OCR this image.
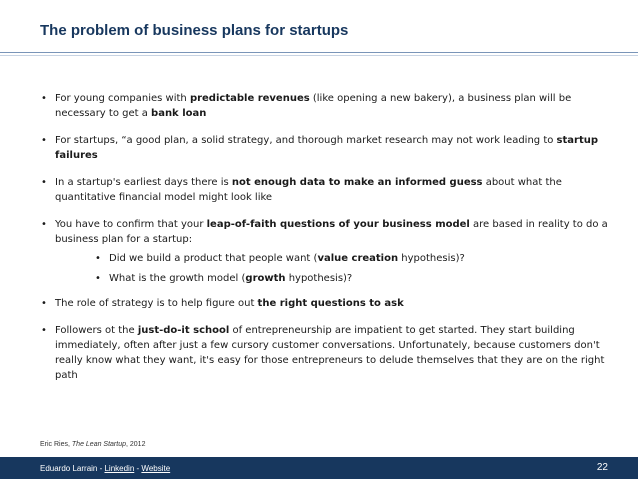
The problem of business plans for startups
• For young companies with predictable revenues (like opening a new bakery), a business plan will be necessary to get a bank loan
• For startups, “a good plan, a solid strategy, and thorough market research may not work leading to startup failures
• In a startup's earliest days there is not enough data to make an informed guess about what the quantitative financial model might look like
• You have to confirm that your leap-of-faith questions of your business model are based in reality to do a business plan for a startup:
• Did we build a product that people want (value creation hypothesis)?
• What is the growth model (growth hypothesis)?
• The role of strategy is to help figure out the right questions to ask
• Followers ot the just-do-it school of entrepreneurship are impatient to get started. They start building immediately, often after just a few cursory customer conversations. Unfortunately, because customers don't really know what they want, it's easy for those entrepreneurs to delude themselves that they are on the right path
Eric Ries, The Lean Startup, 2012
Eduardo Larrain - Linkedin - Website	22
